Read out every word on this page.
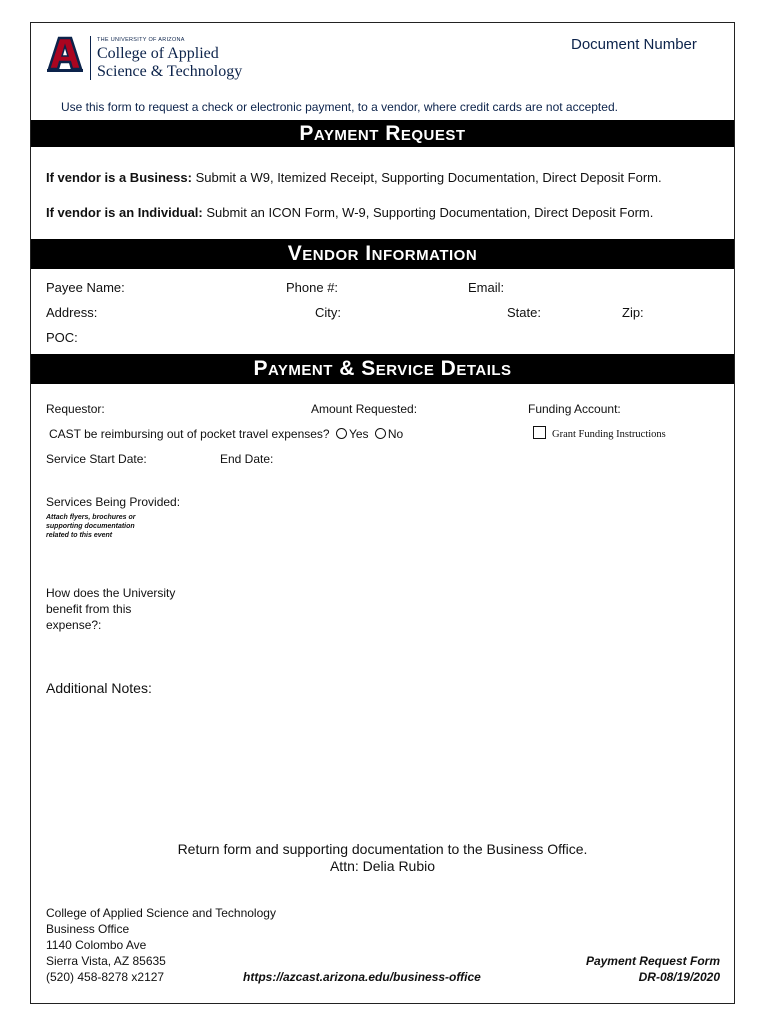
THE UNIVERSITY OF ARIZONA
College of Applied
Science & Technology
Document Number
Use this form to request a check or electronic payment, to a vendor, where credit cards are not accepted.
Payment Request
If vendor is a Business: Submit a W9, Itemized Receipt, Supporting Documentation, Direct Deposit Form.
If vendor is an Individual: Submit an ICON Form, W-9, Supporting Documentation, Direct Deposit Form.
Vendor Information
Payee Name:	Phone #:	Email:
Address:	City:	State:	Zip:
POC:
Payment & Service Details
Requestor:	Amount Requested:	Funding Account:
CAST be reimbursing out of pocket travel expenses? Yes No	Grant Funding Instructions
Service Start Date:	End Date:
Services Being Provided:
Attach flyers, brochures or
supporting documentation
related to this event
How does the University
benefit from this
expense?:
Additional Notes:
Return form and supporting documentation to the Business Office.
Attn: Delia Rubio
College of Applied Science and Technology
Business Office
1140 Colombo Ave
Sierra Vista, AZ 85635
(520) 458-8278 x2127	https://azcast.arizona.edu/business-office
Payment Request Form
DR-08/19/2020
